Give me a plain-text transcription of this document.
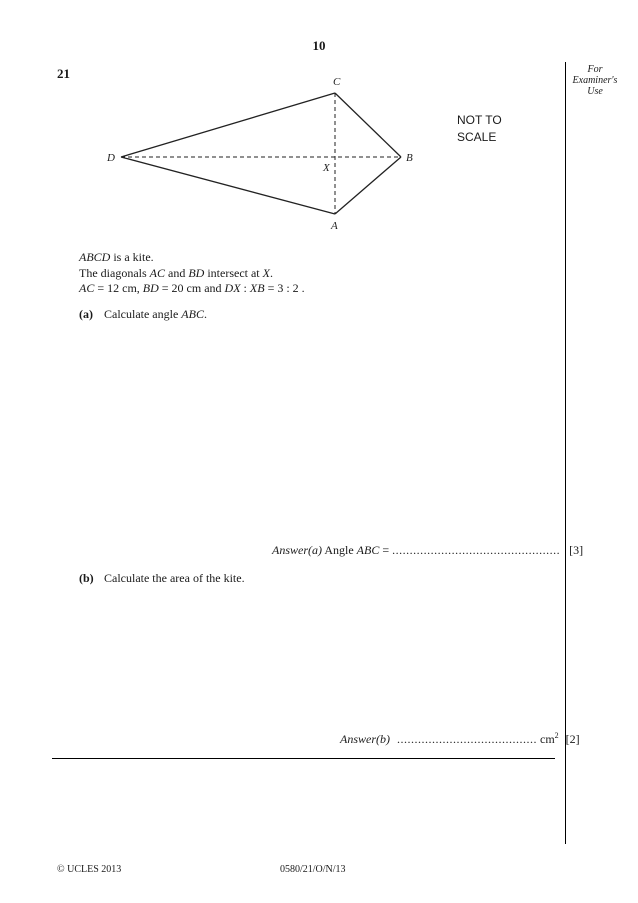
10
21	For
Examiner's
Use
C
D	B
X
A
NOT TO
SCALE
ABCD is a kite.
The diagonals AC and BD intersect at X.
AC = 12 cm, BD = 20 cm and DX : XB = 3 : 2 .
(a) Calculate angle ABC.
Answer(a) Angle ABC = ................................................ [3]
(b) Calculate the area of the kite.
Answer(b) ........................................ $cm^2$ [2]
© UCLES 2013	0580/21/O/N/13
